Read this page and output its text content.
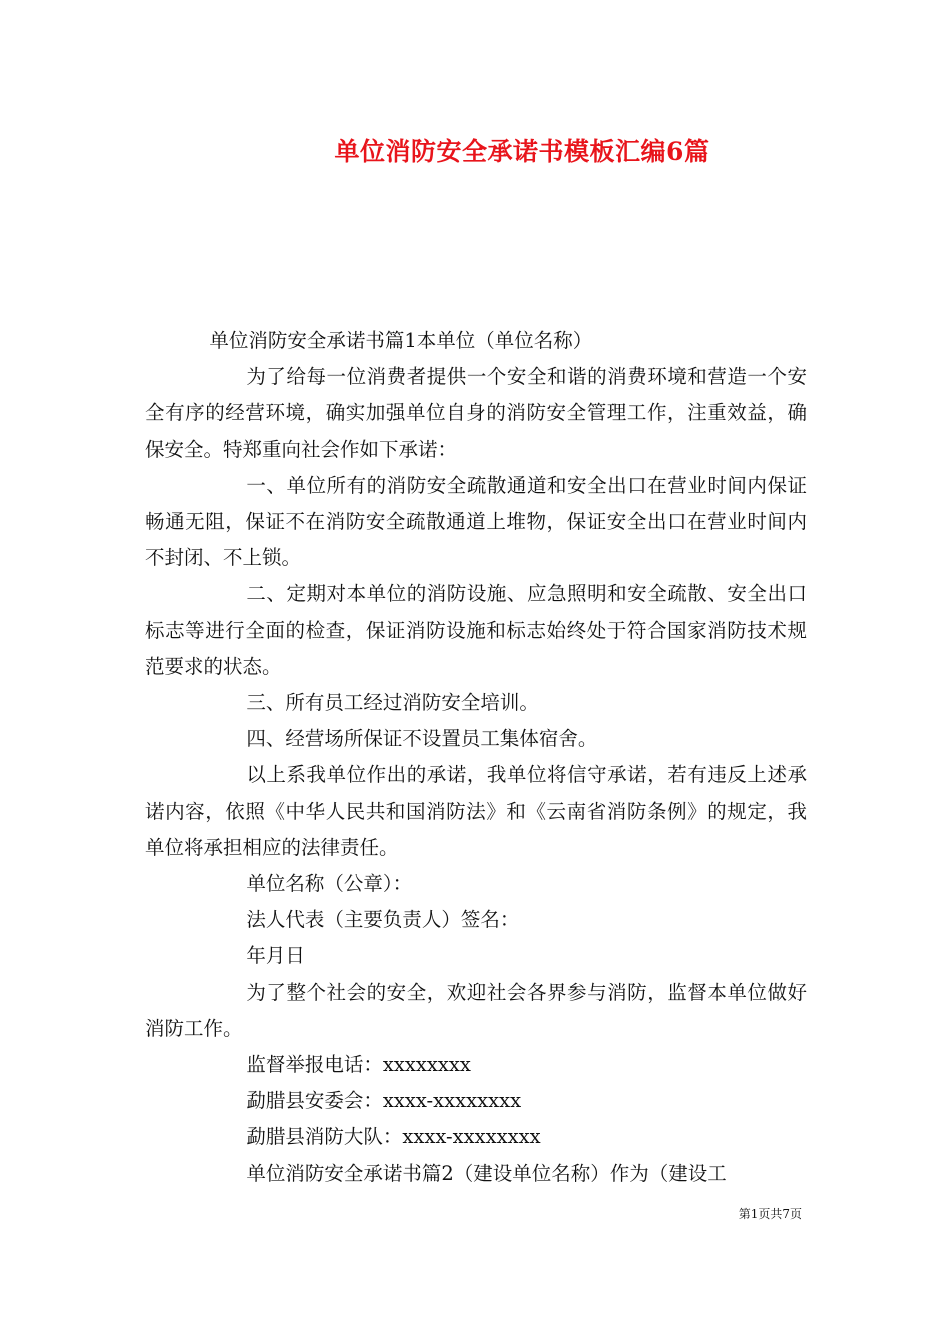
单位消防安全承诺书模板汇编6篇

单位消防安全承诺书篇1本单位（单位名称）

为了给每一位消费者提供一个安全和谐的消费环境和营造一个安全有序的经营环境，确实加强单位自身的消防安全管理工作，注重效益，确保安全。特郑重向社会作如下承诺：

一、单位所有的消防安全疏散通道和安全出口在营业时间内保证畅通无阻，保证不在消防安全疏散通道上堆物，保证安全出口在营业时间内不封闭、不上锁。

二、定期对本单位的消防设施、应急照明和安全疏散、安全出口标志等进行全面的检查，保证消防设施和标志始终处于符合国家消防技术规范要求的状态。

三、所有员工经过消防安全培训。

四、经营场所保证不设置员工集体宿舍。

以上系我单位作出的承诺，我单位将信守承诺，若有违反上述承诺内容，依照《中华人民共和国消防法》和《云南省消防条例》的规定，我单位将承担相应的法律责任。

单位名称（公章）：

法人代表（主要负责人）签名：

年月日

为了整个社会的安全，欢迎社会各界参与消防，监督本单位做好消防工作。

监督举报电话：xxxxxxxx

勐腊县安委会：xxxx-xxxxxxxx

勐腊县消防大队：xxxx-xxxxxxxx

单位消防安全承诺书篇2（建设单位名称）作为（建设工

第1页共7页
